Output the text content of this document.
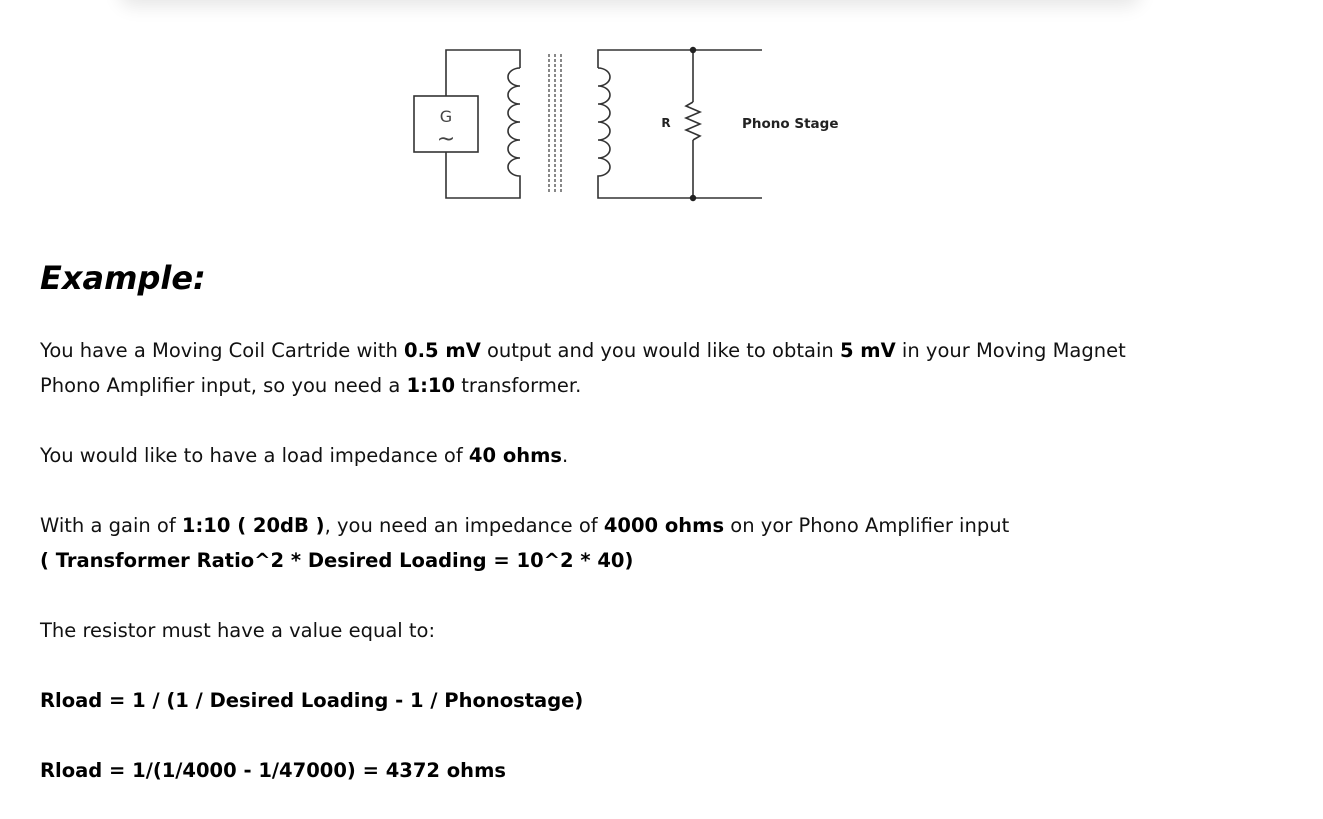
G
~
R	Phono Stage
Example:

You have a Moving Coil Cartride with 0.5 mV output and you would like to obtain 5 mV in your Moving Magnet
Phono Amplifier input, so you need a 1:10 transformer.

You would like to have a load impedance of 40 ohms.

With a gain of 1:10 ( 20dB ), you need an impedance of 4000 ohms on yor Phono Amplifier input
( Transformer Ratio^2 * Desired Loading = 10^2 * 40)

The resistor must have a value equal to:

Rload = 1 / (1 / Desired Loading - 1 / Phonostage)

Rload = 1/(1/4000 - 1/47000) = 4372 ohms
